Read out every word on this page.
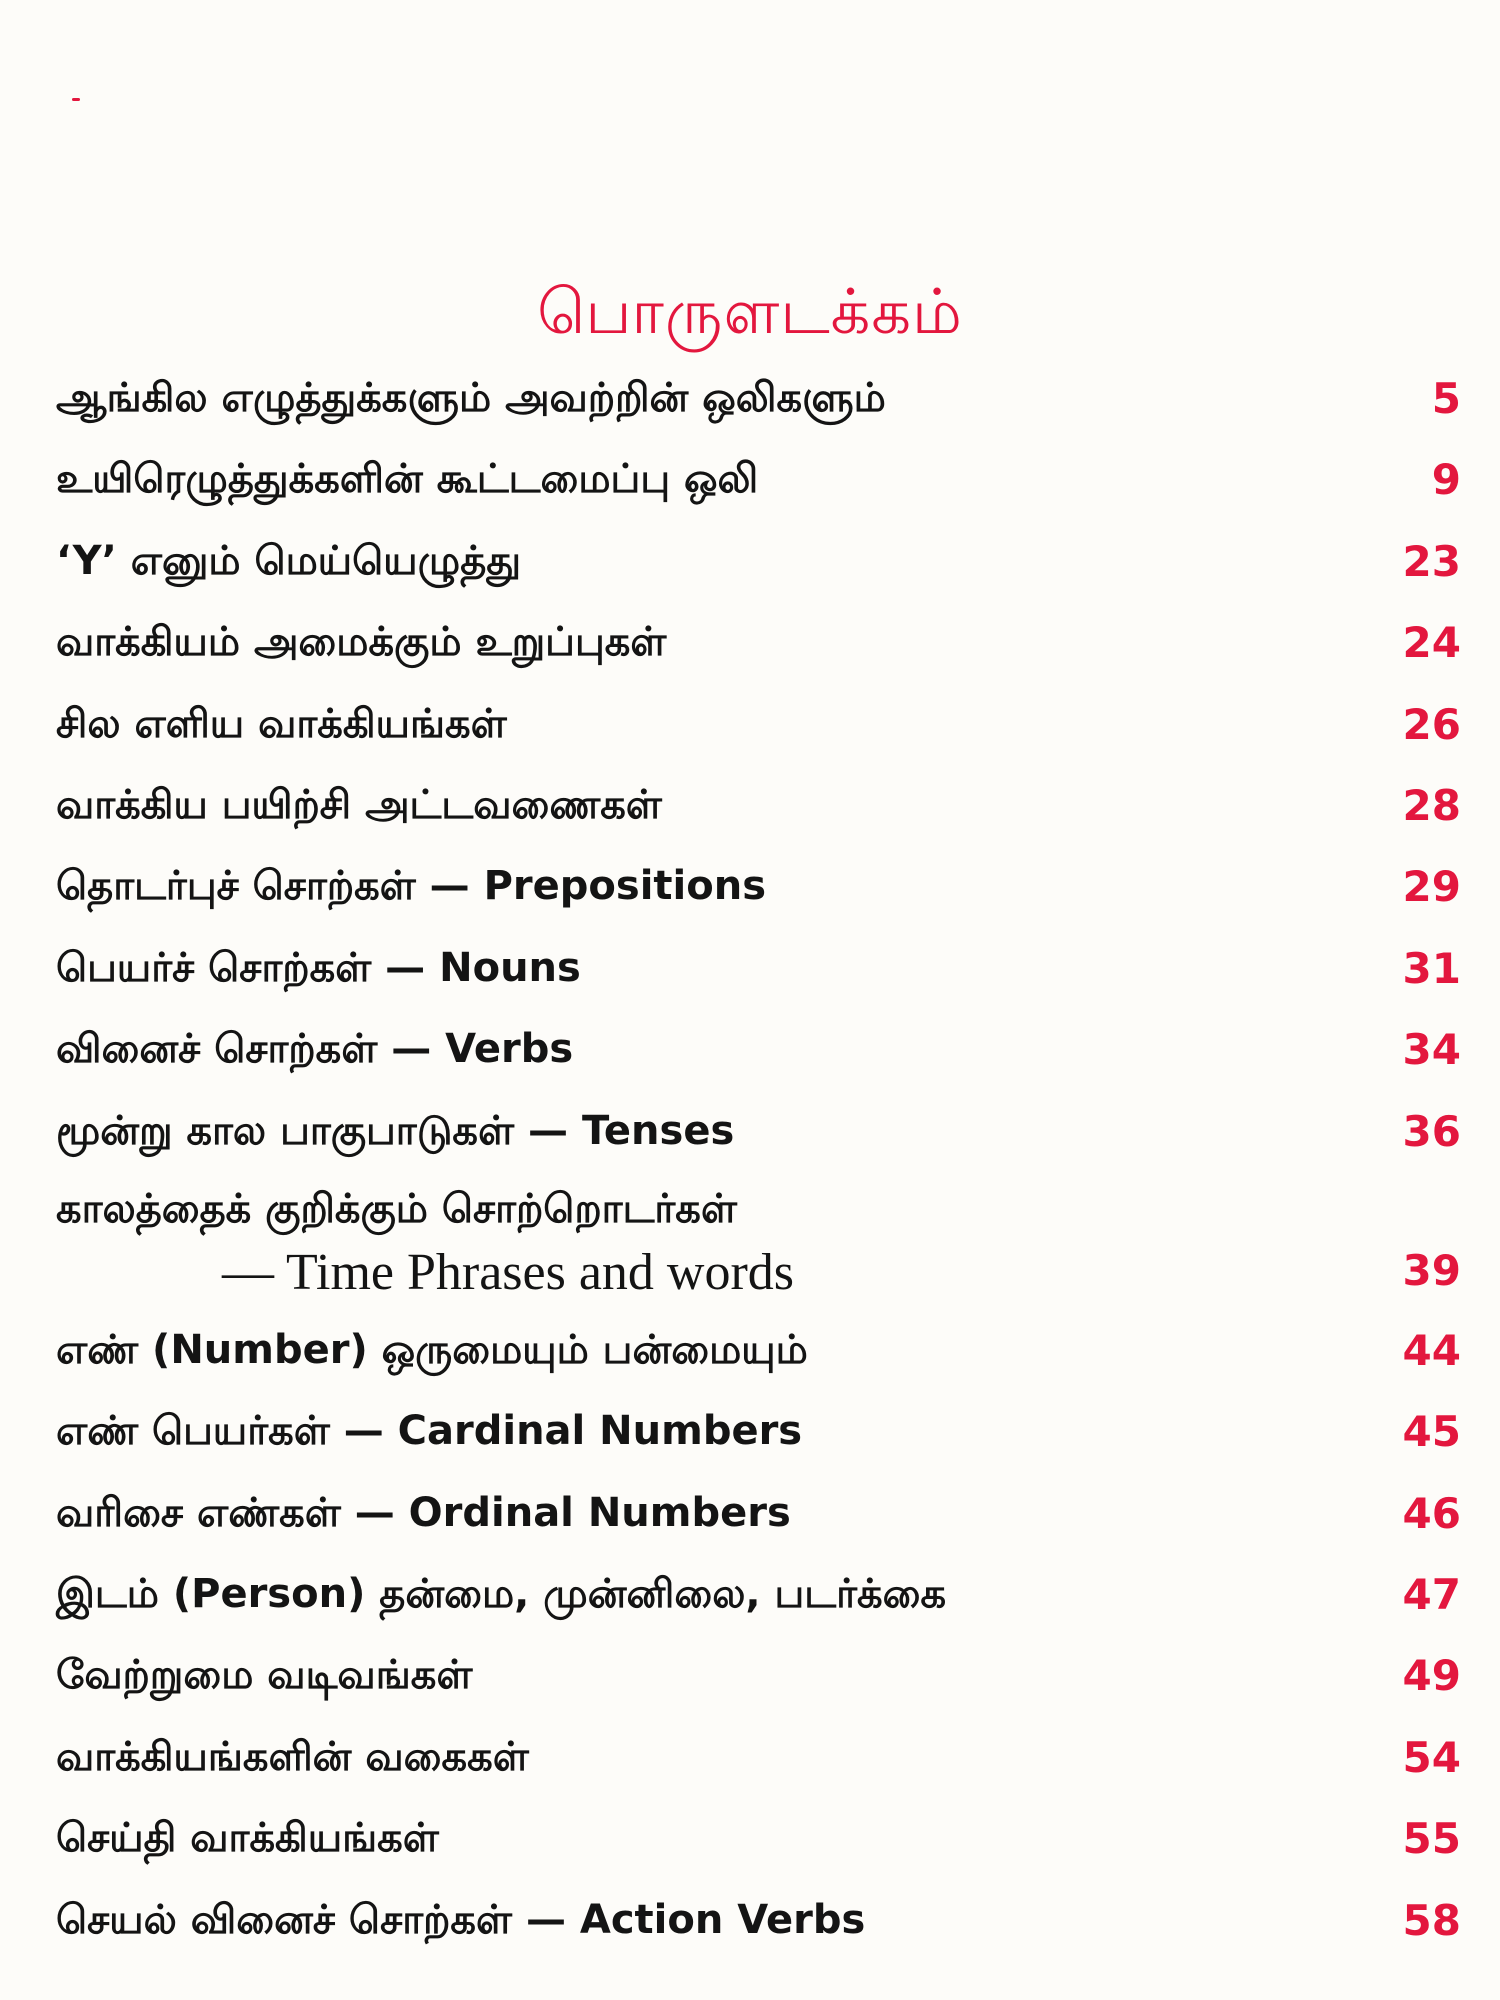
பொருளடக்கம்
ஆங்கில எழுத்துக்களும் அவற்றின் ஒலிகளும்	5
உயிரெழுத்துக்களின் கூட்டமைப்பு ஒலி	9
‘Y’ எனும் மெய்யெழுத்து	23
வாக்கியம் அமைக்கும் உறுப்புகள்	24
சில எளிய வாக்கியங்கள்	26
வாக்கிய பயிற்சி அட்டவணைகள்	28
தொடர்புச் சொற்கள் — Prepositions	29
பெயர்ச் சொற்கள் — Nouns	31
வினைச் சொற்கள் — Verbs	34
மூன்று கால பாகுபாடுகள் — Tenses	36
காலத்தைக் குறிக்கும் சொற்றொடர்கள்
— Time Phrases and words	39
எண் (Number) ஒருமையும் பன்மையும்	44
எண் பெயர்கள் — Cardinal Numbers	45
வரிசை எண்கள் — Ordinal Numbers	46
இடம் (Person) தன்மை, முன்னிலை, படர்க்கை	47
வேற்றுமை வடிவங்கள்	49
வாக்கியங்களின் வகைகள்	54
செய்தி வாக்கியங்கள்	55
செயல் வினைச் சொற்கள் — Action Verbs	58
